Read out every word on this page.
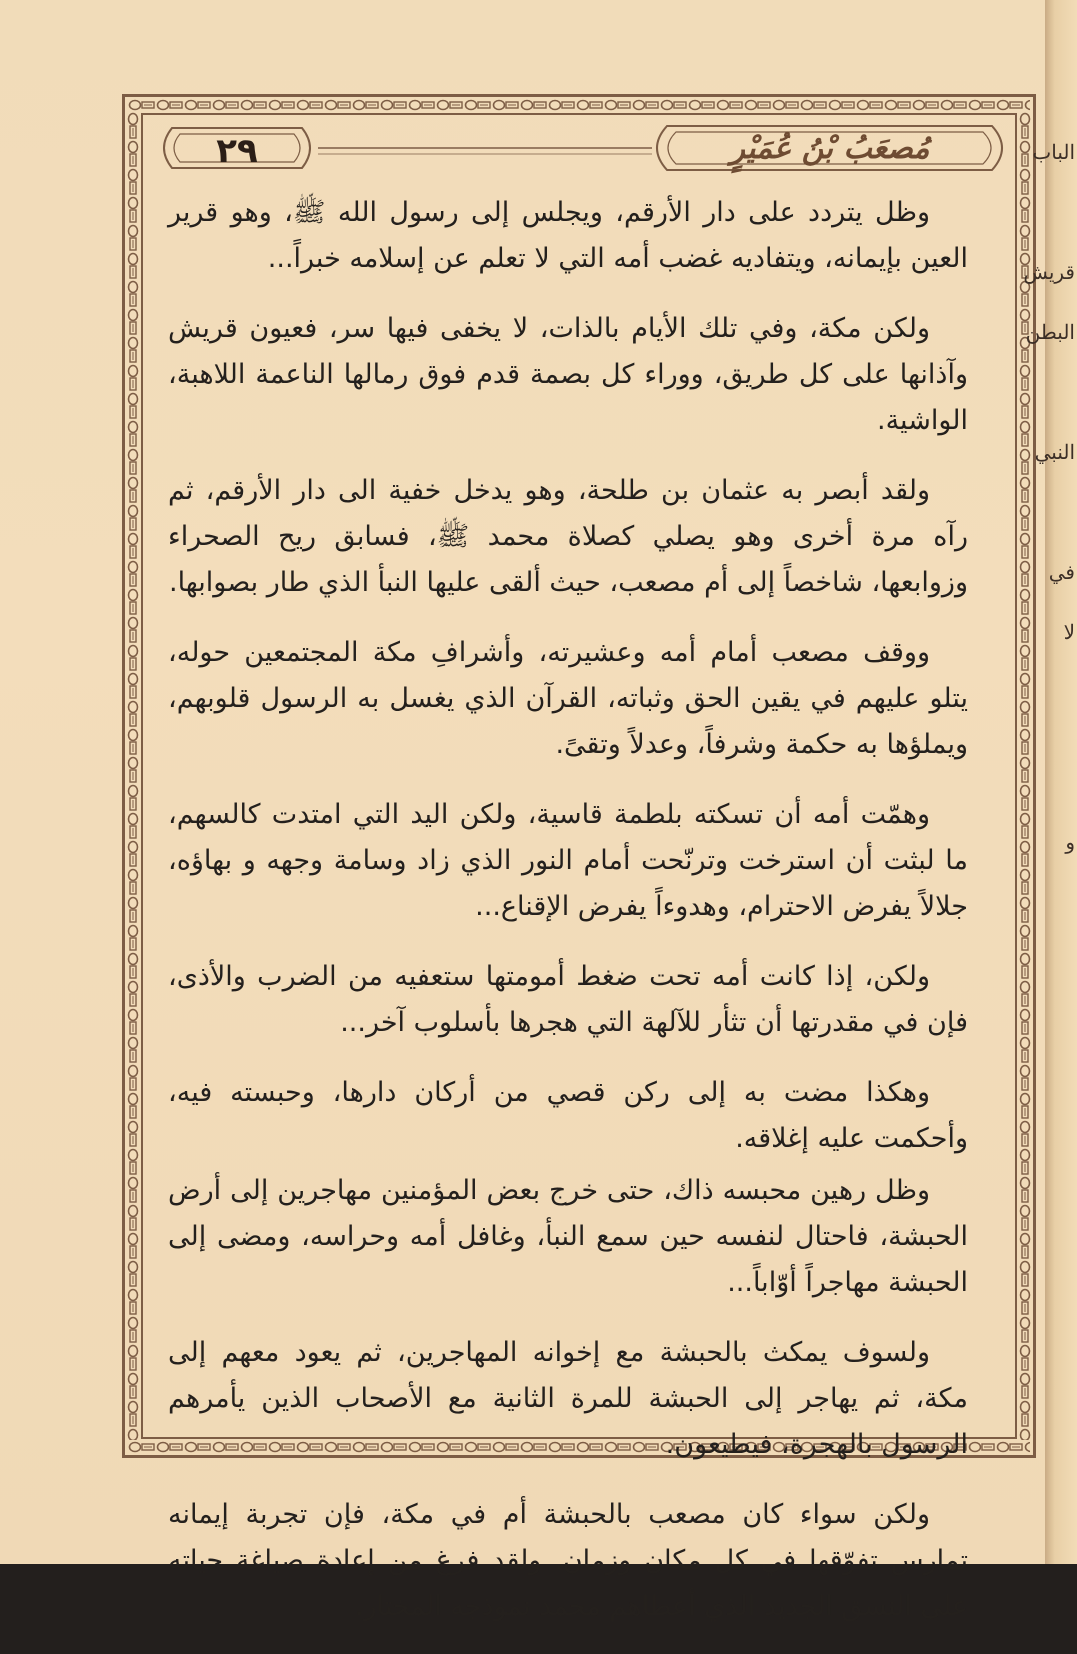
٢٩	مُصعَبُ بْنُ عُمَيْرٍ

وظل يتردد على دار الأرقم، ويجلس إلى رسول الله ﷺ، وهو قرير العين بإيمانه، ويتفاديه غضب أمه التي لا تعلم عن إسلامه خبراً...

ولكن مكة، وفي تلك الأيام بالذات، لا يخفى فيها سر، فعيون قريش وآذانها على كل طريق، ووراء كل بصمة قدم فوق رمالها الناعمة اللاهبة، الواشية.

ولقد أبصر به عثمان بن طلحة، وهو يدخل خفية الى دار الأرقم، ثم رآه مرة أخرى وهو يصلي كصلاة محمد ﷺ، فسابق ريح الصحراء وزوابعها، شاخصاً إلى أم مصعب، حيث ألقى عليها النبأ الذي طار بصوابها.

ووقف مصعب أمام أمه وعشيرته، وأشرافِ مكة المجتمعين حوله، يتلو عليهم في يقين الحق وثباته، القرآن الذي يغسل به الرسول قلوبهم، ويملؤها به حكمة وشرفاً، وعدلاً وتقىً.

وهمّت أمه أن تسكته بلطمة قاسية، ولكن اليد التي امتدت كالسهم، ما لبثت أن استرخت وترنّحت أمام النور الذي زاد وسامة وجهه و بهاؤه، جلالاً يفرض الاحترام، وهدوءاً يفرض الإقناع...

ولكن، إذا كانت أمه تحت ضغط أمومتها ستعفيه من الضرب والأذى، فإن في مقدرتها أن تثأر للآلهة التي هجرها بأسلوب آخر...

وهكذا مضت به إلى ركن قصي من أركان دارها، وحبسته فيه، وأحكمت عليه إغلاقه.

وظل رهين محبسه ذاك، حتى خرج بعض المؤمنين مهاجرين إلى أرض الحبشة، فاحتال لنفسه حين سمع النبأ، وغافل أمه وحراسه، ومضى إلى الحبشة مهاجراً أوّاباً...

ولسوف يمكث بالحبشة مع إخوانه المهاجرين، ثم يعود معهم إلى مكة، ثم يهاجر إلى الحبشة للمرة الثانية مع الأصحاب الذين يأمرهم الرسول بالهجرة، فيطيعون.

ولكن سواء كان مصعب بالحبشة أم في مكة، فإن تجربة إيمانه تمارس تفوّقها في كل مكان وزمان. ولقد فرغ من إعادة صياغة حياته على النسق الجديد الذي أعطاهم محمد نموذجه المختار.

الباب
قريش
البطن
النبي
في
لا
و
